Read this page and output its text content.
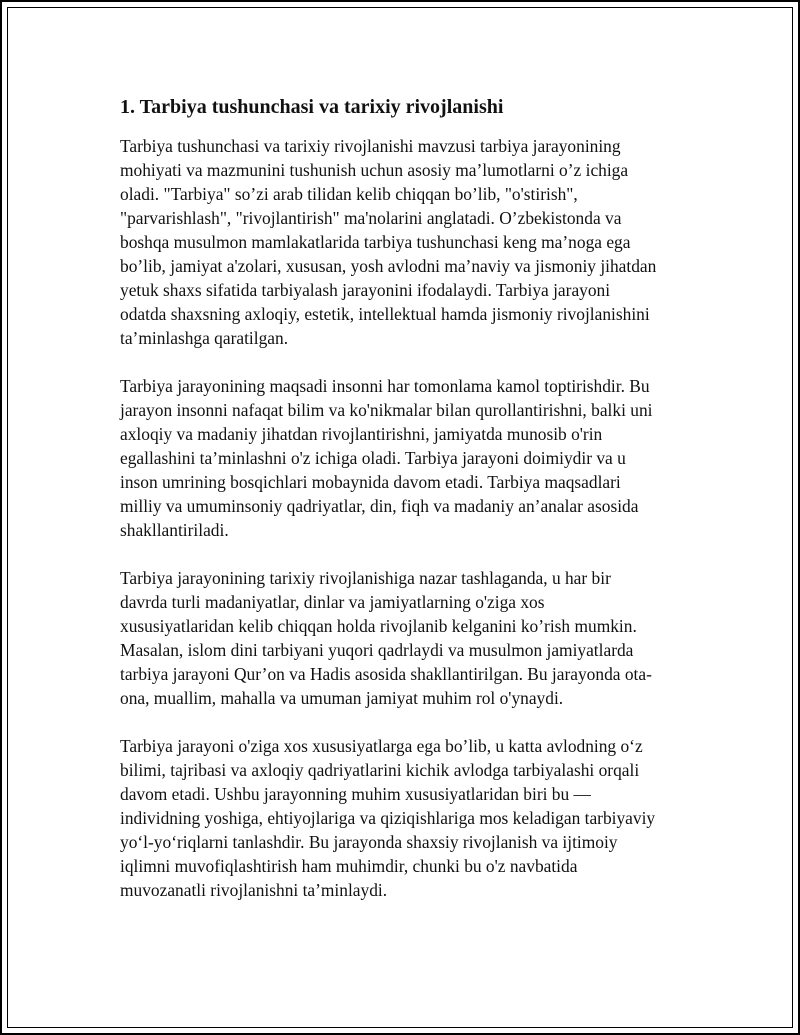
1. Tarbiya tushunchasi va tarixiy rivojlanishi
Tarbiya tushunchasi va tarixiy rivojlanishi mavzusi tarbiya jarayonining
mohiyati va mazmunini tushunish uchun asosiy ma’lumotlarni o’z ichiga
oladi. "Tarbiya" so’zi arab tilidan kelib chiqqan bo’lib, "o'stirish",
"parvarishlash", "rivojlantirish" ma'nolarini anglatadi. O’zbekistonda va
boshqa musulmon mamlakatlarida tarbiya tushunchasi keng ma’noga ega
bo’lib, jamiyat a'zolari, xususan, yosh avlodni ma’naviy va jismoniy jihatdan
yetuk shaxs sifatida tarbiyalash jarayonini ifodalaydi. Tarbiya jarayoni
odatda shaxsning axloqiy, estetik, intellektual hamda jismoniy rivojlanishini
ta’minlashga qaratilgan.
Tarbiya jarayonining maqsadi insonni har tomonlama kamol toptirishdir. Bu
jarayon insonni nafaqat bilim va ko'nikmalar bilan qurollantirishni, balki uni
axloqiy va madaniy jihatdan rivojlantirishni, jamiyatda munosib o'rin
egallashini ta’minlashni o'z ichiga oladi. Tarbiya jarayoni doimiydir va u
inson umrining bosqichlari mobaynida davom etadi. Tarbiya maqsadlari
milliy va umuminsoniy qadriyatlar, din, fiqh va madaniy an’analar asosida
shakllantiriladi.
Tarbiya jarayonining tarixiy rivojlanishiga nazar tashlaganda, u har bir
davrda turli madaniyatlar, dinlar va jamiyatlarning o'ziga xos
xususiyatlaridan kelib chiqqan holda rivojlanib kelganini ko’rish mumkin.
Masalan, islom dini tarbiyani yuqori qadrlaydi va musulmon jamiyatlarda
tarbiya jarayoni Qur’on va Hadis asosida shakllantirilgan. Bu jarayonda ota-
ona, muallim, mahalla va umuman jamiyat muhim rol o'ynaydi.
Tarbiya jarayoni o'ziga xos xususiyatlarga ega bo’lib, u katta avlodning o‘z
bilimi, tajribasi va axloqiy qadriyatlarini kichik avlodga tarbiyalashi orqali
davom etadi. Ushbu jarayonning muhim xususiyatlaridan biri bu —
individning yoshiga, ehtiyojlariga va qiziqishlariga mos keladigan tarbiyaviy
yo‘l-yo‘riqlarni tanlashdir. Bu jarayonda shaxsiy rivojlanish va ijtimoiy
iqlimni muvofiqlashtirish ham muhimdir, chunki bu o'z navbatida
muvozanatli rivojlanishni ta’minlaydi.
